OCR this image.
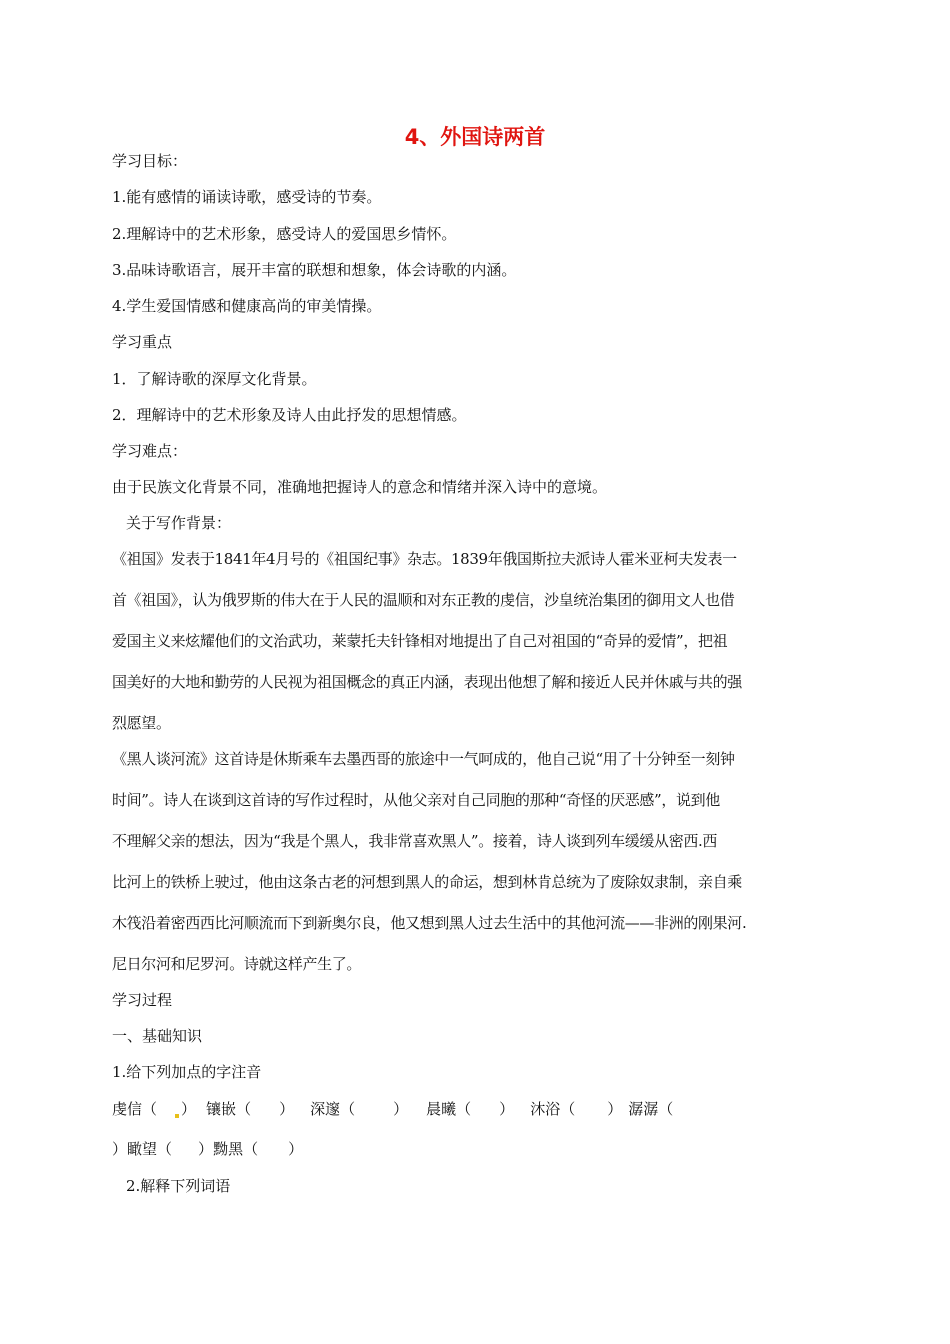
4、外国诗两首
学习目标：
1.能有感情的诵读诗歌，感受诗的节奏。
2.理解诗中的艺术形象，感受诗人的爱国思乡情怀。
3.品味诗歌语言，展开丰富的联想和想象，体会诗歌的内涵。
4.学生爱国情感和健康高尚的审美情操。
学习重点
1．了解诗歌的深厚文化背景。
2．理解诗中的艺术形象及诗人由此抒发的思想情感。
学习难点：
由于民族文化背景不同，准确地把握诗人的意念和情绪并深入诗中的意境。
关于写作背景：
《祖国》发表于1841年4月号的《祖国纪事》杂志。1839年俄国斯拉夫派诗人霍米亚柯夫发表一
首《祖国》，认为俄罗斯的伟大在于人民的温顺和对东正教的虔信，沙皇统治集团的御用文人也借
爱国主义来炫耀他们的文治武功，莱蒙托夫针锋相对地提出了自己对祖国的“奇异的爱情”，把祖
国美好的大地和勤劳的人民视为祖国概念的真正内涵，表现出他想了解和接近人民并休戚与共的强
烈愿望。
《黑人谈河流》这首诗是休斯乘车去墨西哥的旅途中一气呵成的，他自己说“用了十分钟至一刻钟
时间”。诗人在谈到这首诗的写作过程时，从他父亲对自己同胞的那种“奇怪的厌恶感”，说到他
不理解父亲的想法，因为“我是个黑人，我非常喜欢黑人”。接着，诗人谈到列车缓缓从密西.西
比河上的铁桥上驶过，他由这条古老的河想到黑人的命运，想到林肯总统为了废除奴隶制，亲自乘
木筏沿着密西西比河顺流而下到新奥尔良，他又想到黑人过去生活中的其他河流——非洲的刚果河.
尼日尔河和尼罗河。诗就这样产生了。
学习过程
一、基础知识
1.给下列加点的字注音
虔信（ ） 镶嵌（ ） 深邃（	） 晨曦（ ） 沐浴（ ） 潺潺（
）瞰望（ ）黝黑（ ）
2.解释下列词语
